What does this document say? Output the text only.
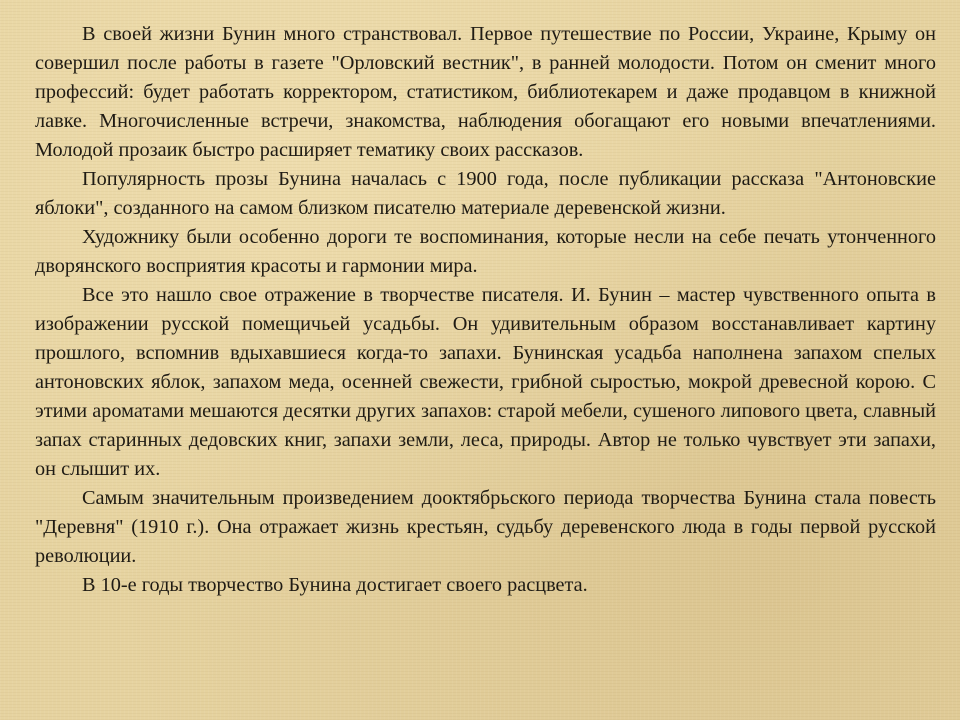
В своей жизни Бунин много странствовал. Первое путешествие по России, Украине, Крыму он совершил после работы в газете "Орловский вестник", в ранней молодости. Потом он сменит много профессий: будет работать корректором, статистиком, библиотекарем и даже продавцом в книжной лавке. Многочисленные встречи, знакомства, наблюдения обогащают его новыми впечатлениями. Молодой прозаик быстро расширяет тематику своих рассказов.

Популярность прозы Бунина началась с 1900 года, после публикации рассказа "Антоновские яблоки", созданного на самом близком писателю материале деревенской жизни.

Художнику были особенно дороги те воспоминания, которые несли на себе печать утонченного дворянского восприятия красоты и гармонии мира.

Все это нашло свое отражение в творчестве писателя. И. Бунин – мастер чувственного опыта в изображении русской помещичьей усадьбы. Он удивительным образом восстанавливает картину прошлого, вспомнив вдыхавшиеся когда-то запахи. Бунинская усадьба наполнена запахом спелых антоновских яблок, запахом меда, осенней свежести, грибной сыростью, мокрой древесной корою. С этими ароматами мешаются десятки других запахов: старой мебели, сушеного липового цвета, славный запах старинных дедовских книг, запахи земли, леса, природы. Автор не только чувствует эти запахи, он слышит их.

Самым значительным произведением дооктябрьского периода творчества Бунина стала повесть "Деревня" (1910 г.). Она отражает жизнь крестьян, судьбу деревенского люда в годы первой русской революции.

В 10-е годы творчество Бунина достигает своего расцвета.
